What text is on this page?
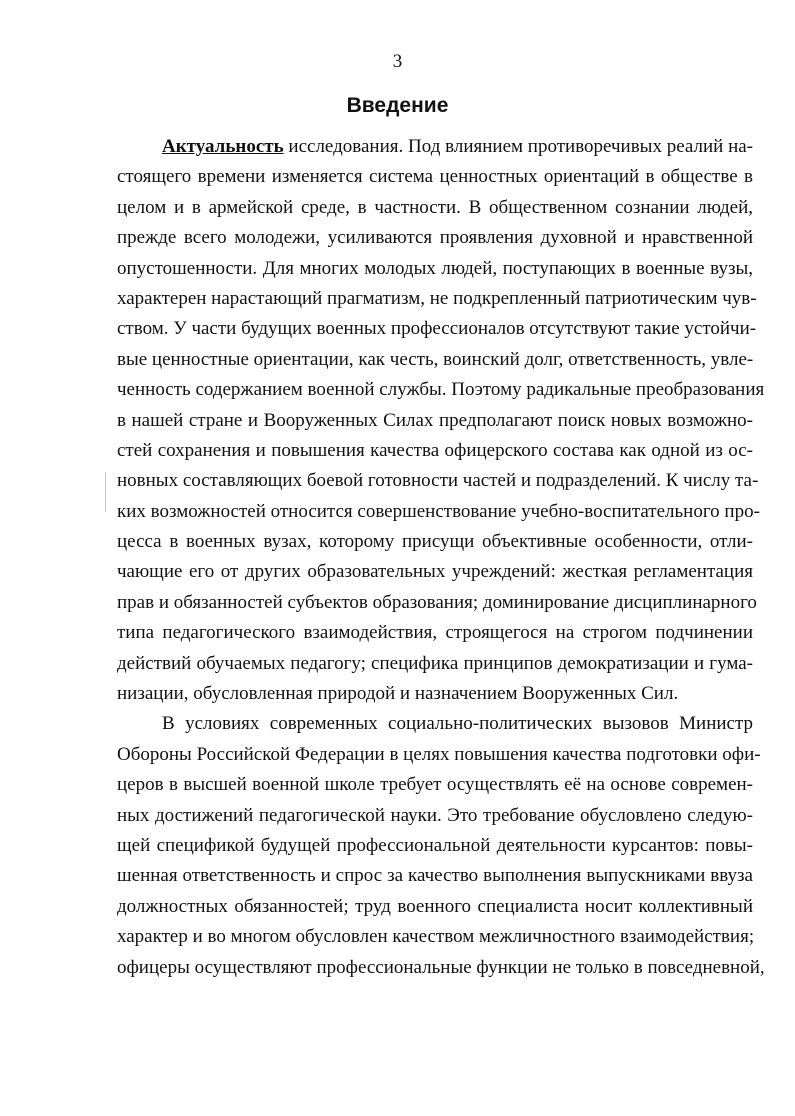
3
Введение
Актуальность исследования. Под влиянием противоречивых реалий на-
стоящего времени изменяется система ценностных ориентаций в обществе в
целом и в армейской среде, в частности. В общественном сознании людей,
прежде всего молодежи, усиливаются проявления духовной и нравственной
опустошенности. Для многих молодых людей, поступающих в военные вузы,
характерен нарастающий прагматизм, не подкрепленный патриотическим чув-
ством. У части будущих военных профессионалов отсутствуют такие устойчи-
вые ценностные ориентации, как честь, воинский долг, ответственность, увле-
ченность содержанием военной службы. Поэтому радикальные преобразования
в нашей стране и Вооруженных Силах предполагают поиск новых возможно-
стей сохранения и повышения качества офицерского состава как одной из ос-
новных составляющих боевой готовности частей и подразделений. К числу та-
ких возможностей относится совершенствование учебно-воспитательного про-
цесса в военных вузах, которому присущи объективные особенности, отли-
чающие его от других образовательных учреждений: жесткая регламентация
прав и обязанностей субъектов образования; доминирование дисциплинарного
типа педагогического взаимодействия, строящегося на строгом подчинении
действий обучаемых педагогу; специфика принципов демократизации и гума-
низации, обусловленная природой и назначением Вооруженных Сил.
В условиях современных социально-политических вызовов Министр
Обороны Российской Федерации в целях повышения качества подготовки офи-
церов в высшей военной школе требует осуществлять её на основе современ-
ных достижений педагогической науки. Это требование обусловлено следую-
щей спецификой будущей профессиональной деятельности курсантов: повы-
шенная ответственность и спрос за качество выполнения выпускниками ввуза
должностных обязанностей; труд военного специалиста носит коллективный
характер и во многом обусловлен качеством межличностного взаимодействия;
офицеры осуществляют профессиональные функции не только в повседневной,
